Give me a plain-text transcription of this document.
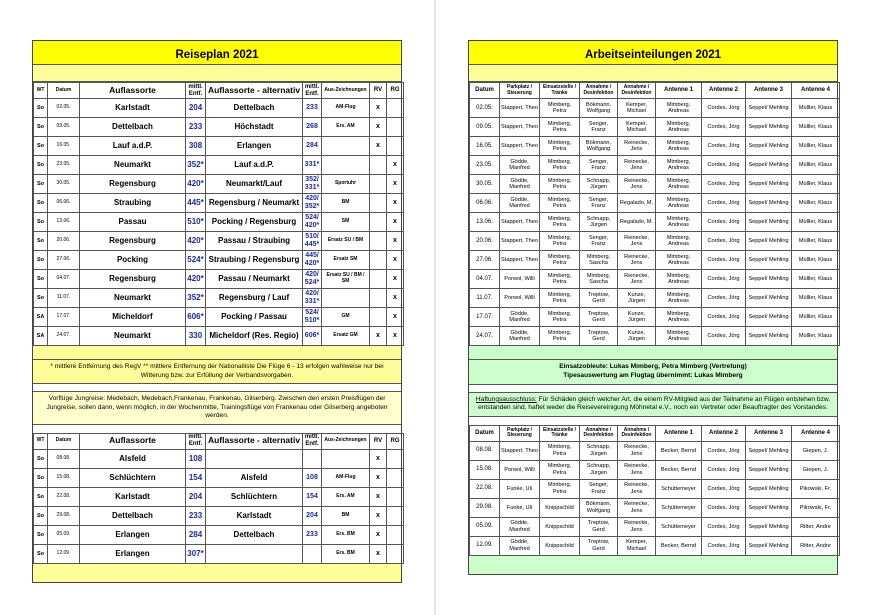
Reiseplan 2021
WT	Datum	Auflassorte	mittl. Entf.	Auflassorte - alternativ	mittl. Entf.	Aus-Zeichnungen	RV	RG
So	02.05.	Karlstadt	204	Dettelbach	233	AM-Flug	x	
So	09.05.	Dettelbach	233	Höchstadt	268	Ers. AM	x	
So	16.05.	Lauf a.d.P.	308	Erlangen	284		x	
So	23.05.	Neumarkt	352*	Lauf a.d.P.	331*			x
So	30.05.	Regensburg	420*	Neumarkt/Lauf	352/ 331*	Sportuhr		x
So	06.06.	Straubing	445*	Regensburg / Neumarkt	420/ 352*	BM		x
So	13.06.	Passau	510*	Pocking / Regensburg	524/ 420*	SM		x
So	20.06.	Regensburg	420*	Passau / Straubing	510/ 445*	Ersatz SU / BM		x
So	27.06.	Pocking	524*	Straubing / Regensburg	445/ 420*	Ersatz SM		x
So	04.07.	Regensburg	420*	Passau / Neumarkt	420/ 524*	Ersatz SU / BM / SM		x
So	11.07.	Neumarkt	352*	Regensburg / Lauf	420/ 331*			x
SA	17.07.	Micheldorf	606*	Pocking / Passau	524/ 510*	GM		x
SA	24.07.	Neumarkt	330	Micheldorf (Res. Regio)	606*	Ersatz GM	x	x
* mittlere Entfernung des RegV ** mittlere Entfernung der Nationalliste Die Flüge 6 - 13 erfolgen wahlweise nur bei Witterung bzw. zur Erfüllung der Verbandsvorgaben.
Vorflüge Jungreise: Medebach, Medebach,Frankenau, Frankenau, Gilserberg. Zwischen den ersten Preisflügen der Jungreise, sollen dann, wenn möglich, in der Wochenmitte, Trainingsflüge von Frankenau oder Gilserberg angeboten werden.
WT	Datum	Auflassorte	mittl. Entf.	Auflassorte - alternativ	mittl. Entf.	Aus-Zeichnungen	RV	RG
So	08.08.	Alsfeld	108				x	
So	15.08.	Schlüchtern	154	Alsfeld	108	AM-Flug	x	
So	22.08.	Karlstadt	204	Schlüchtern	154	Ers. AM	x	
So	29.08.	Dettelbach	233	Karlstadt	204	BM	x	
So	05.09.	Erlangen	284	Dettelbach	233	Ers. BM	x	
So	12.09.	Erlangen	307*			Ers. BM	x	
Arbeitseinteilungen 2021
Datum	Parkplatz / Steuerung	Einsatzstelle / Tränke	Annahme / Desinfektion	Annahme / Desinfektion	Antenne 1	Antenne 2	Antenne 3	Antenne 4
02.05.	Stappert, Theo	Mimberg, Petra	Bökmann, Wolfgang	Kemper, Michael	Mimberg, Andreas	Cordes, Jörg	Seppel/ Mehling	Mülller, Klaus
09.05.	Stappert, Theo	Mimberg, Petra	Senger, Franz	Kemper, Michael	Mimberg, Andreas	Cordes, Jörg	Seppel/ Mehling	Mülller, Klaus
16.05.	Stappert, Theo	Mimberg, Petra	Bökmann, Wolfgang	Reinecke, Jens	Mimberg, Andreas	Cordes, Jörg	Seppel/ Mehling	Mülller, Klaus
23.05.	Gödde, Manfred	Mimberg, Petra	Senger, Franz	Reinecke, Jens	Mimberg, Andreas	Cordes, Jörg	Seppel/ Mehling	Mülller, Klaus
30.05.	Gödde, Manfred	Mimberg, Petra	Schnapp, Jürgen	Reinecke, Jens	Mimberg, Andreas	Cordes, Jörg	Seppel/ Mehling	Mülller, Klaus
06.06.	Gödde, Manfred	Mimberg, Petra	Senger, Franz	Regalado, M.	Mimberg, Andreas	Cordes, Jörg	Seppel/ Mehling	Mülller, Klaus
13.06.	Stappert, Theo	Mimberg, Petra	Schnapp, Jürgen	Regalado, M.	Mimberg, Andreas	Cordes, Jörg	Seppel/ Mehling	Mülller, Klaus
20.06.	Stappert, Theo	Mimberg, Petra	Senger, Franz	Reinecke, Jens	Mimberg, Andreas	Cordes, Jörg	Seppel/ Mehling	Mülller, Klaus
27.06.	Stappert, Theo	Mimberg, Petra	Mimberg, Sascha	Reinecke, Jens	Mimberg, Andreas	Cordes, Jörg	Seppel/ Mehling	Mülller, Klaus
04.07.	Porwol, Willi	Mimberg, Petra	Mimberg, Sascha	Reinecke, Jens	Mimberg, Andreas	Cordes, Jörg	Seppel/ Mehling	Mülller, Klaus
11.07.	Porwol, Willi	Mimberg, Petra	Treptow, Gerd	Kunze, Jürgen	Mimberg, Andreas	Cordes, Jörg	Seppel/ Mehling	Mülller, Klaus
17.07.	Gödde, Manfred	Mimberg, Petra	Treptow, Gerd	Kunze, Jürgen	Mimberg, Andreas	Cordes, Jörg	Seppel/ Mehling	Mülller, Klaus
24.07.	Gödde, Manfred	Mimberg, Petra	Treptow, Gerd	Kunze, Jürgen	Mimberg, Andreas	Cordes, Jörg	Seppel/ Mehling	Mülller, Klaus
Einsatzobleute: Lukas Mimberg, Petra Mimberg (Vertretung)
Tipesauswertung am Flugtag übernimmt: Lukas Mimberg
Haftungsausschluss: Für Schäden gleich welcher Art, die einem RV-Mitglied aus der Teilnahme an Flügen entstehen bzw. entstanden sind, haftet weder die Reisevereinigung Möhnetal e.V., noch ein Vertreter oder Beauftragter des Vorstandes.
Datum	Parkplatz / Steuerung	Einsatzstelle / Tränke	Annahme / Desinfektion	Annahme / Desinfektion	Antenne 1	Antenne 2	Antenne 3	Antenne 4
08.08.	Stappert, Theo	Mimberg, Petra	Schnapp, Jürgen	Reinecke, Jens	Becker, Bernd	Cordes, Jörg	Seppel/ Mehling	Giepen, J.
15.08.	Porwol, Willi	Mimberg, Petra	Schnapp, Jürgen	Reinecke, Jens	Becker, Bernd	Cordes, Jörg	Seppel/ Mehling	Giepen, J.
22.08.	Funke, Uli	Mimberg, Petra	Senger, Franz	Reinecke, Jens	Schüttemeyer	Cordes, Jörg	Seppel/ Mehling	Pikowski, Fr.
29.08.	Funke, Uli	Knippschild	Bökmann, Wolfgang	Reinecke, Jens	Schüttemeyer	Cordes, Jörg	Seppel/ Mehling	Pikowski, Fr.
05.09.	Gödde, Manfred	Knippschild	Treptow, Gerd	Reinecke, Jens	Schüttemeyer	Cordes, Jörg	Seppel/ Mehling	Ritter, Andre
12.09.	Gödde, Manfred	Knippschild	Treptow, Gerd	Kemper, Michael	Becker, Bernd	Cordes, Jörg	Seppel/ Mehling	Ritter, Andre
